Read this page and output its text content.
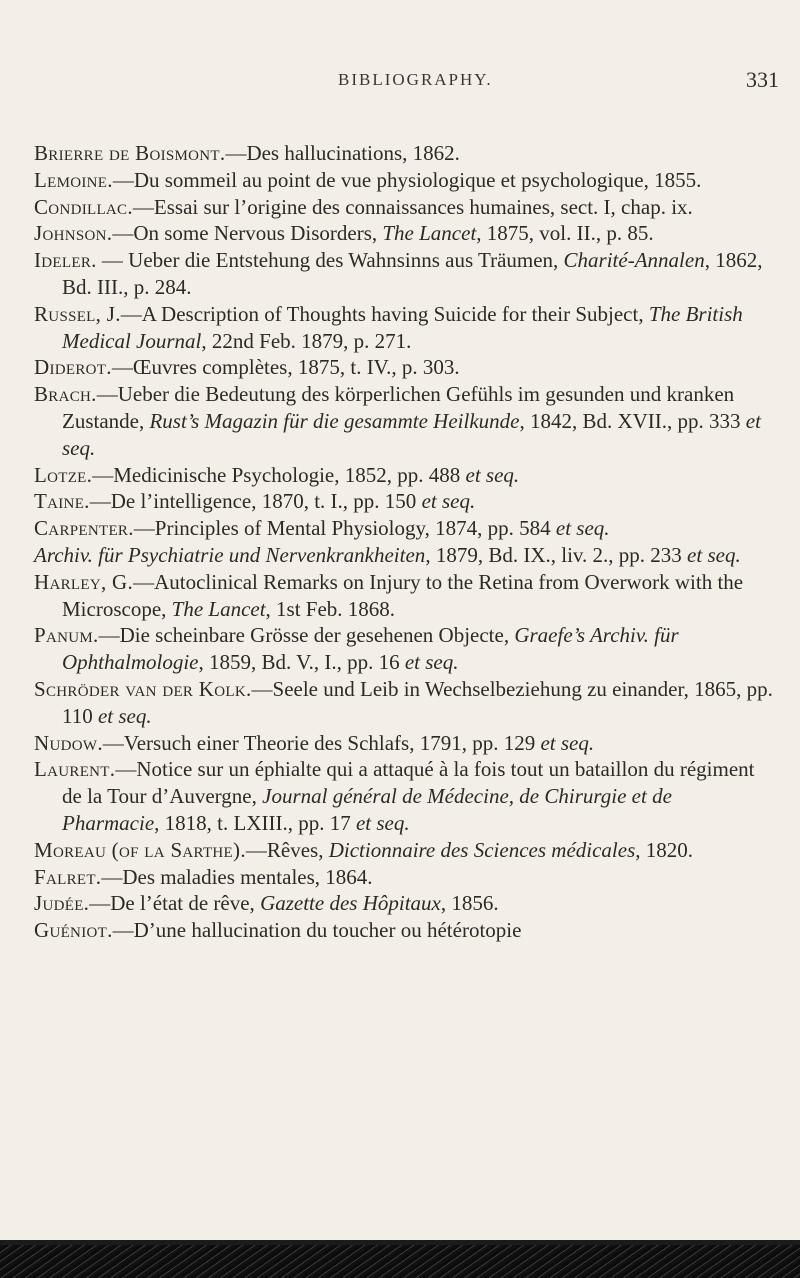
BIBLIOGRAPHY.	331
Brierre de Boismont.—Des hallucinations, 1862.
Lemoine.—Du sommeil au point de vue physiologique et psychologique, 1855.
Condillac.—Essai sur l’origine des connaissances humaines, sect. I, chap. ix.
Johnson.—On some Nervous Disorders, The Lancet, 1875, vol. II., p. 85.
Ideler. — Ueber die Entstehung des Wahnsinns aus Träumen, Charité-Annalen, 1862, Bd. III., p. 284.
Russel, J.—A Description of Thoughts having Suicide for their Subject, The British Medical Journal, 22nd Feb. 1879, p. 271.
Diderot.—Œuvres complètes, 1875, t. IV., p. 303.
Brach.—Ueber die Bedeutung des körperlichen Gefühls im gesunden und kranken Zustande, Rust’s Magazin für die gesammte Heilkunde, 1842, Bd. XVII., pp. 333 et seq.
Lotze.—Medicinische Psychologie, 1852, pp. 488 et seq.
Taine.—De l’intelligence, 1870, t. I., pp. 150 et seq.
Carpenter.—Principles of Mental Physiology, 1874, pp. 584 et seq.
Archiv. für Psychiatrie und Nervenkrankheiten, 1879, Bd. IX., liv. 2., pp. 233 et seq.
Harley, G.—Autoclinical Remarks on Injury to the Retina from Overwork with the Microscope, The Lancet, 1st Feb. 1868.
Panum.—Die scheinbare Grösse der gesehenen Objecte, Graefe’s Archiv. für Ophthalmologie, 1859, Bd. V., I., pp. 16 et seq.
Schröder van der Kolk.—Seele und Leib in Wechselbeziehung zu einander, 1865, pp. 110 et seq.
Nudow.—Versuch einer Theorie des Schlafs, 1791, pp. 129 et seq.
Laurent.—Notice sur un éphialte qui a attaqué à la fois tout un bataillon du régiment de la Tour d’Auvergne, Journal général de Médecine, de Chirurgie et de Pharmacie, 1818, t. LXIII., pp. 17 et seq.
Moreau (of la Sarthe).—Rêves, Dictionnaire des Sciences médicales, 1820.
Falret.—Des maladies mentales, 1864.
Judée.—De l’état de rêve, Gazette des Hôpitaux, 1856.
Guéniot.—D’une hallucination du toucher ou hétérotopie
